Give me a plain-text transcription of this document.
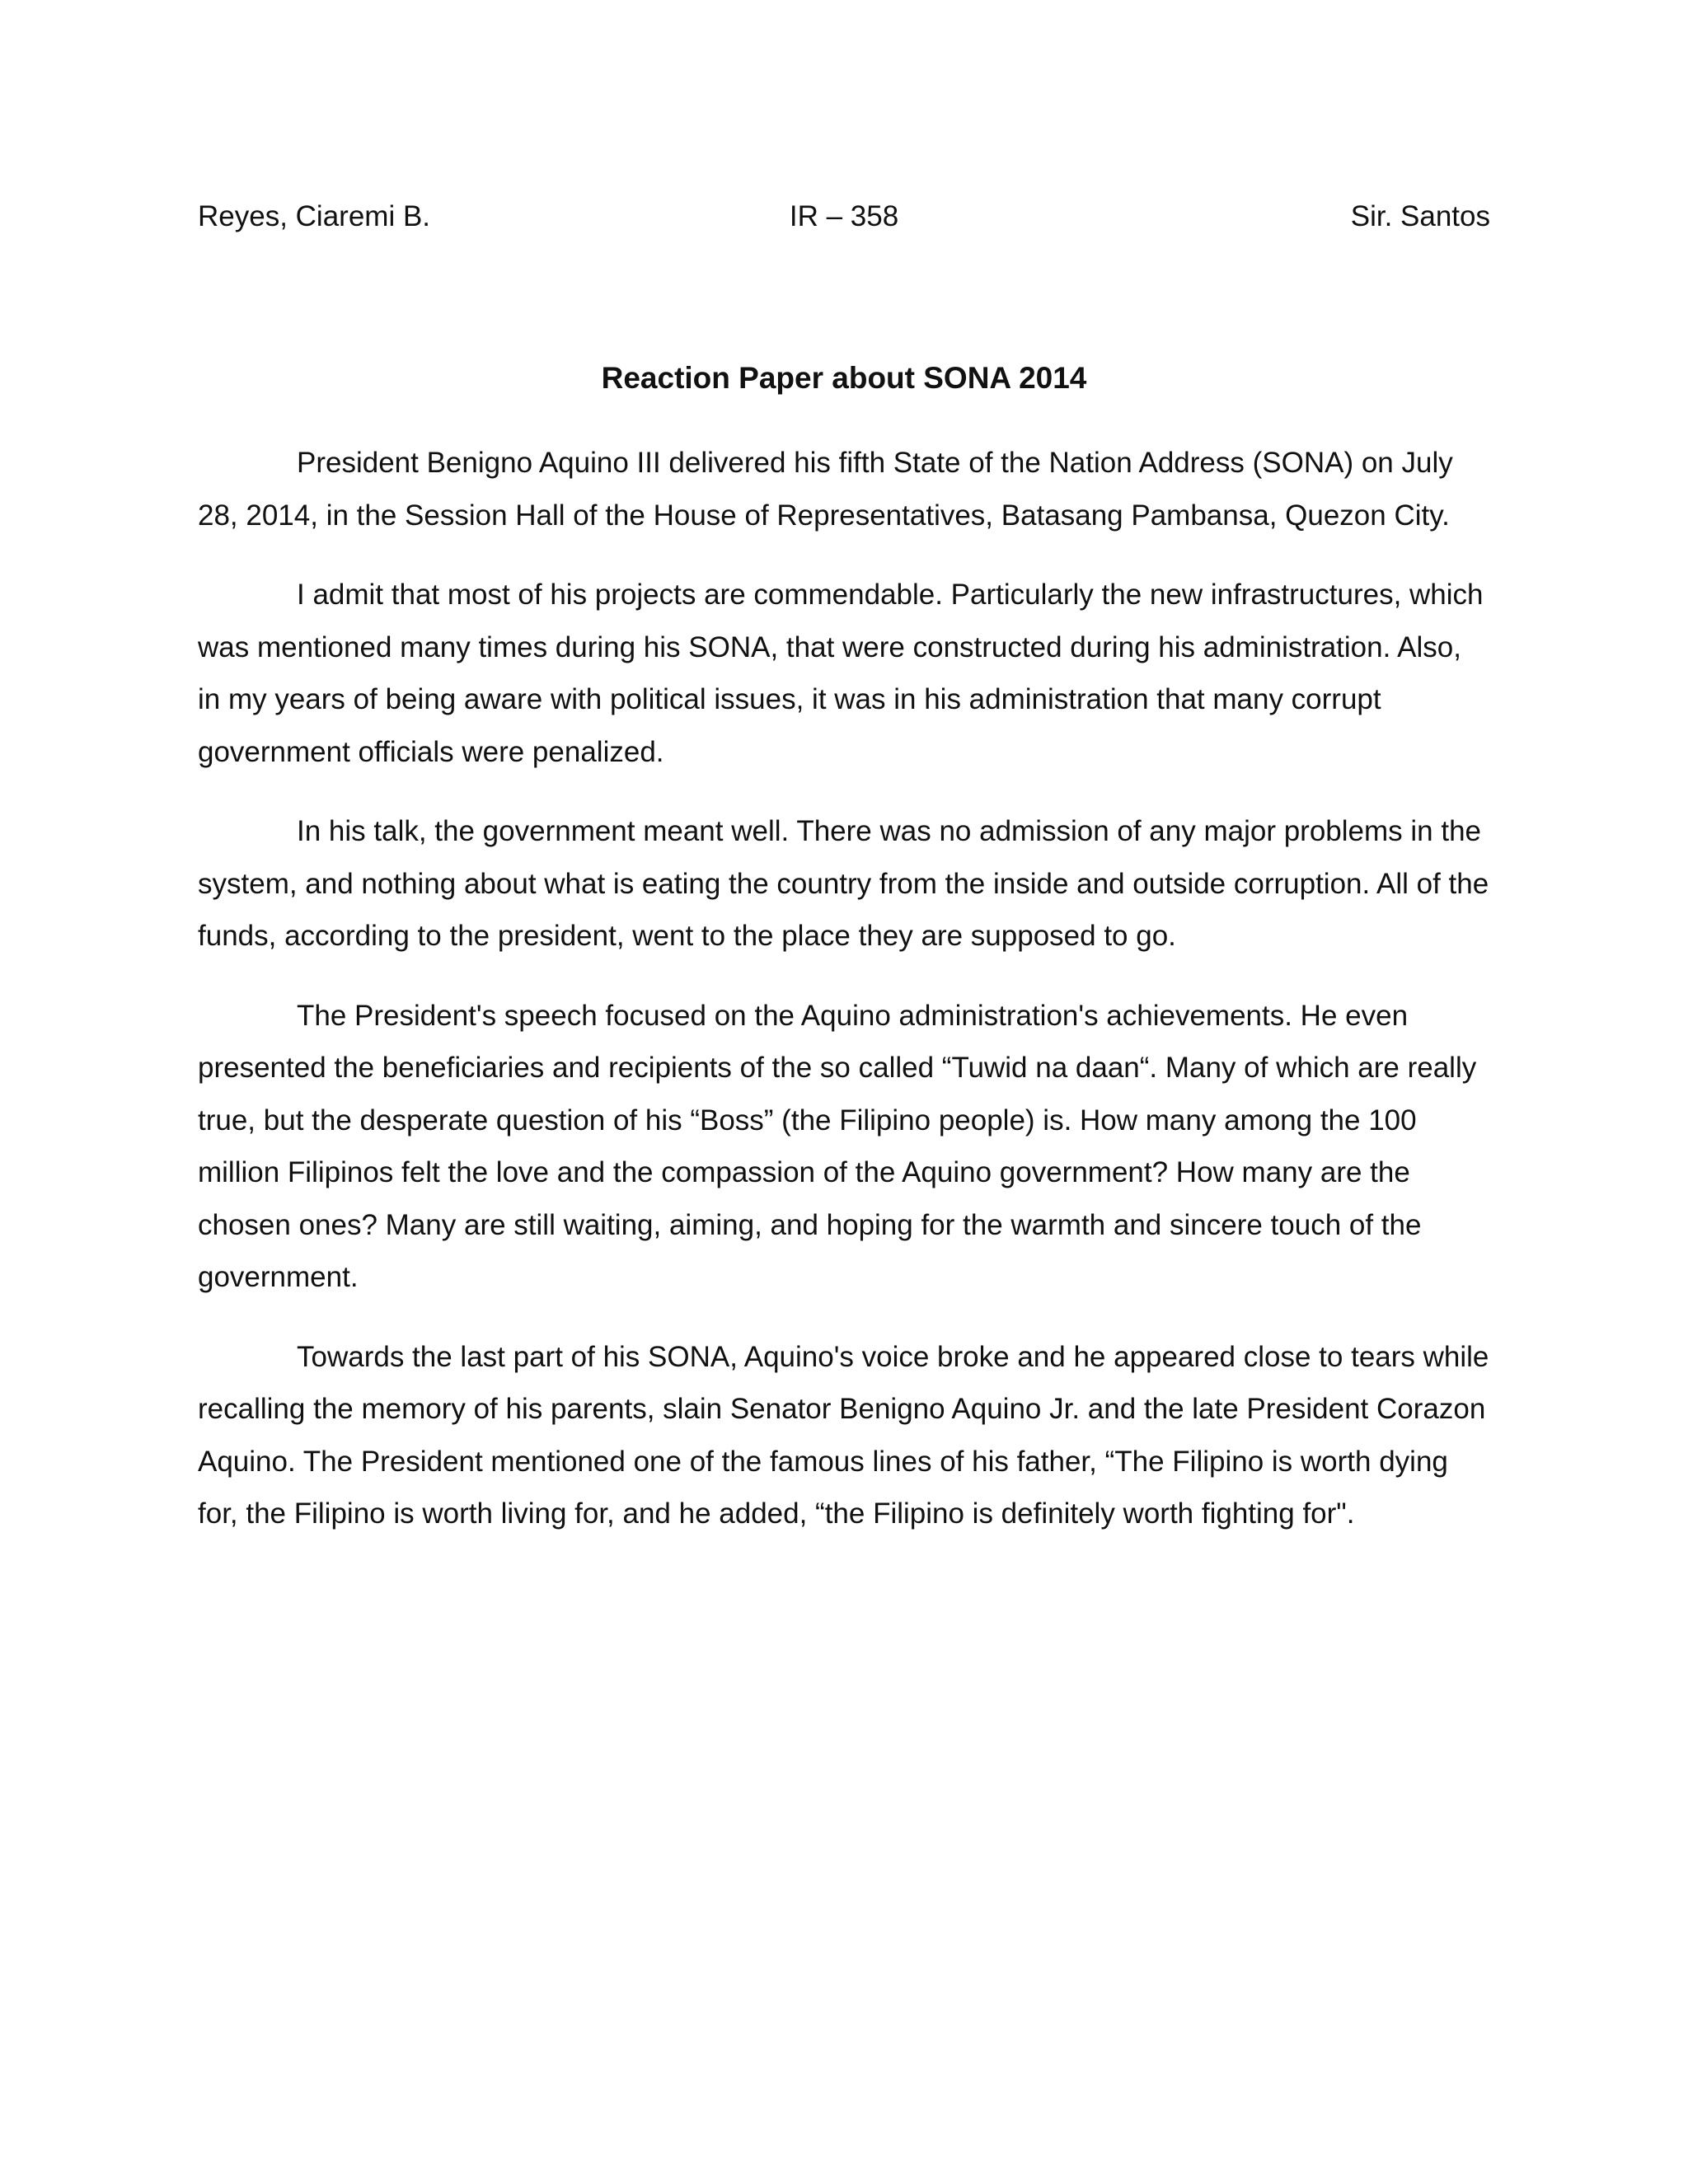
Reyes, Ciaremi B.	IR – 358	Sir. Santos
Reaction Paper about SONA 2014

President Benigno Aquino III delivered his fifth State of the Nation Address (SONA) on July 28, 2014, in the Session Hall of the House of Representatives, Batasang Pambansa, Quezon City.

I admit that most of his projects are commendable. Particularly the new infrastructures, which was mentioned many times during his SONA, that were constructed during his administration. Also, in my years of being aware with political issues, it was in his administration that many corrupt government officials were penalized.

In his talk, the government meant well. There was no admission of any major problems in the system, and nothing about what is eating the country from the inside and outside corruption. All of the funds, according to the president, went to the place they are supposed to go.

The President's speech focused on the Aquino administration's achievements. He even presented the beneficiaries and recipients of the so called “Tuwid na daan“. Many of which are really true, but the desperate question of his “Boss” (the Filipino people) is. How many among the 100 million Filipinos felt the love and the compassion of the Aquino government? How many are the chosen ones? Many are still waiting, aiming, and hoping for the warmth and sincere touch of the government.

Towards the last part of his SONA, Aquino's voice broke and he appeared close to tears while recalling the memory of his parents, slain Senator Benigno Aquino Jr. and the late President Corazon Aquino. The President mentioned one of the famous lines of his father, “The Filipino is worth dying for, the Filipino is worth living for, and he added, “the Filipino is definitely worth fighting for".
